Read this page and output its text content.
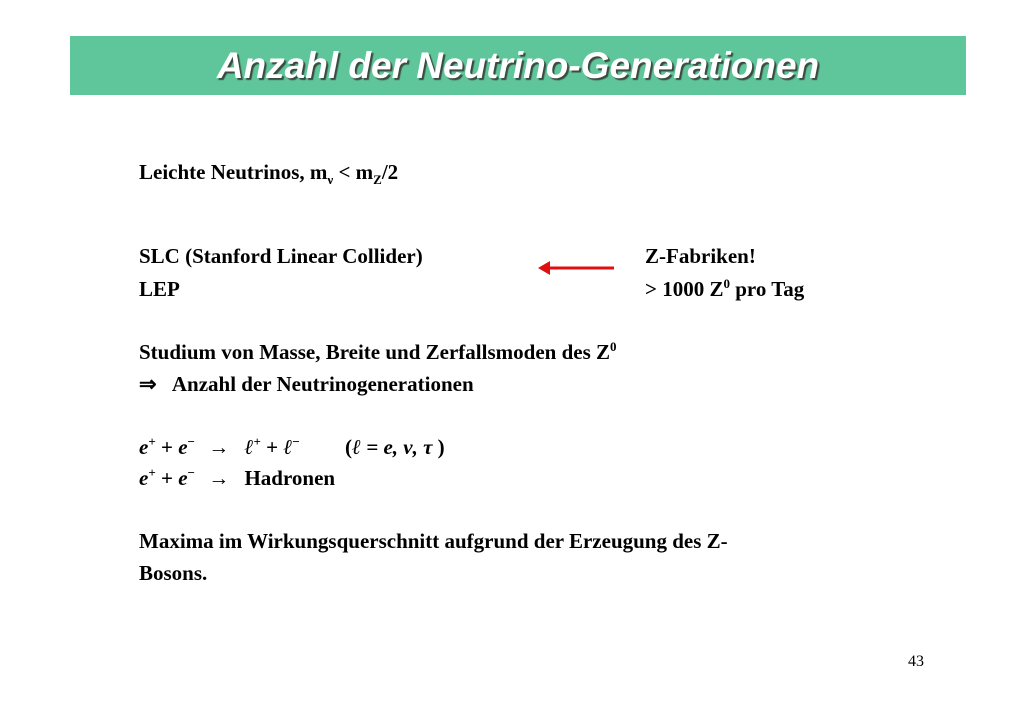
Anzahl der Neutrino-Generationen
Leichte Neutrinos, $m_\nu < m_Z/2$
SLC (Stanford Linear Collider)	Z-Fabriken!
LEP	> 1000 $Z^0$ pro Tag
Studium von Masse, Breite und Zerfallsmoden des $Z^0$
⇒ Anzahl der Neutrinogenerationen
e+ + e− → ℓ+ + ℓ− (ℓ = e, ν, τ )
e+ + e− → Hadronen
Maxima im Wirkungsquerschnitt aufgrund der Erzeugung des Z-
Bosons.
43
